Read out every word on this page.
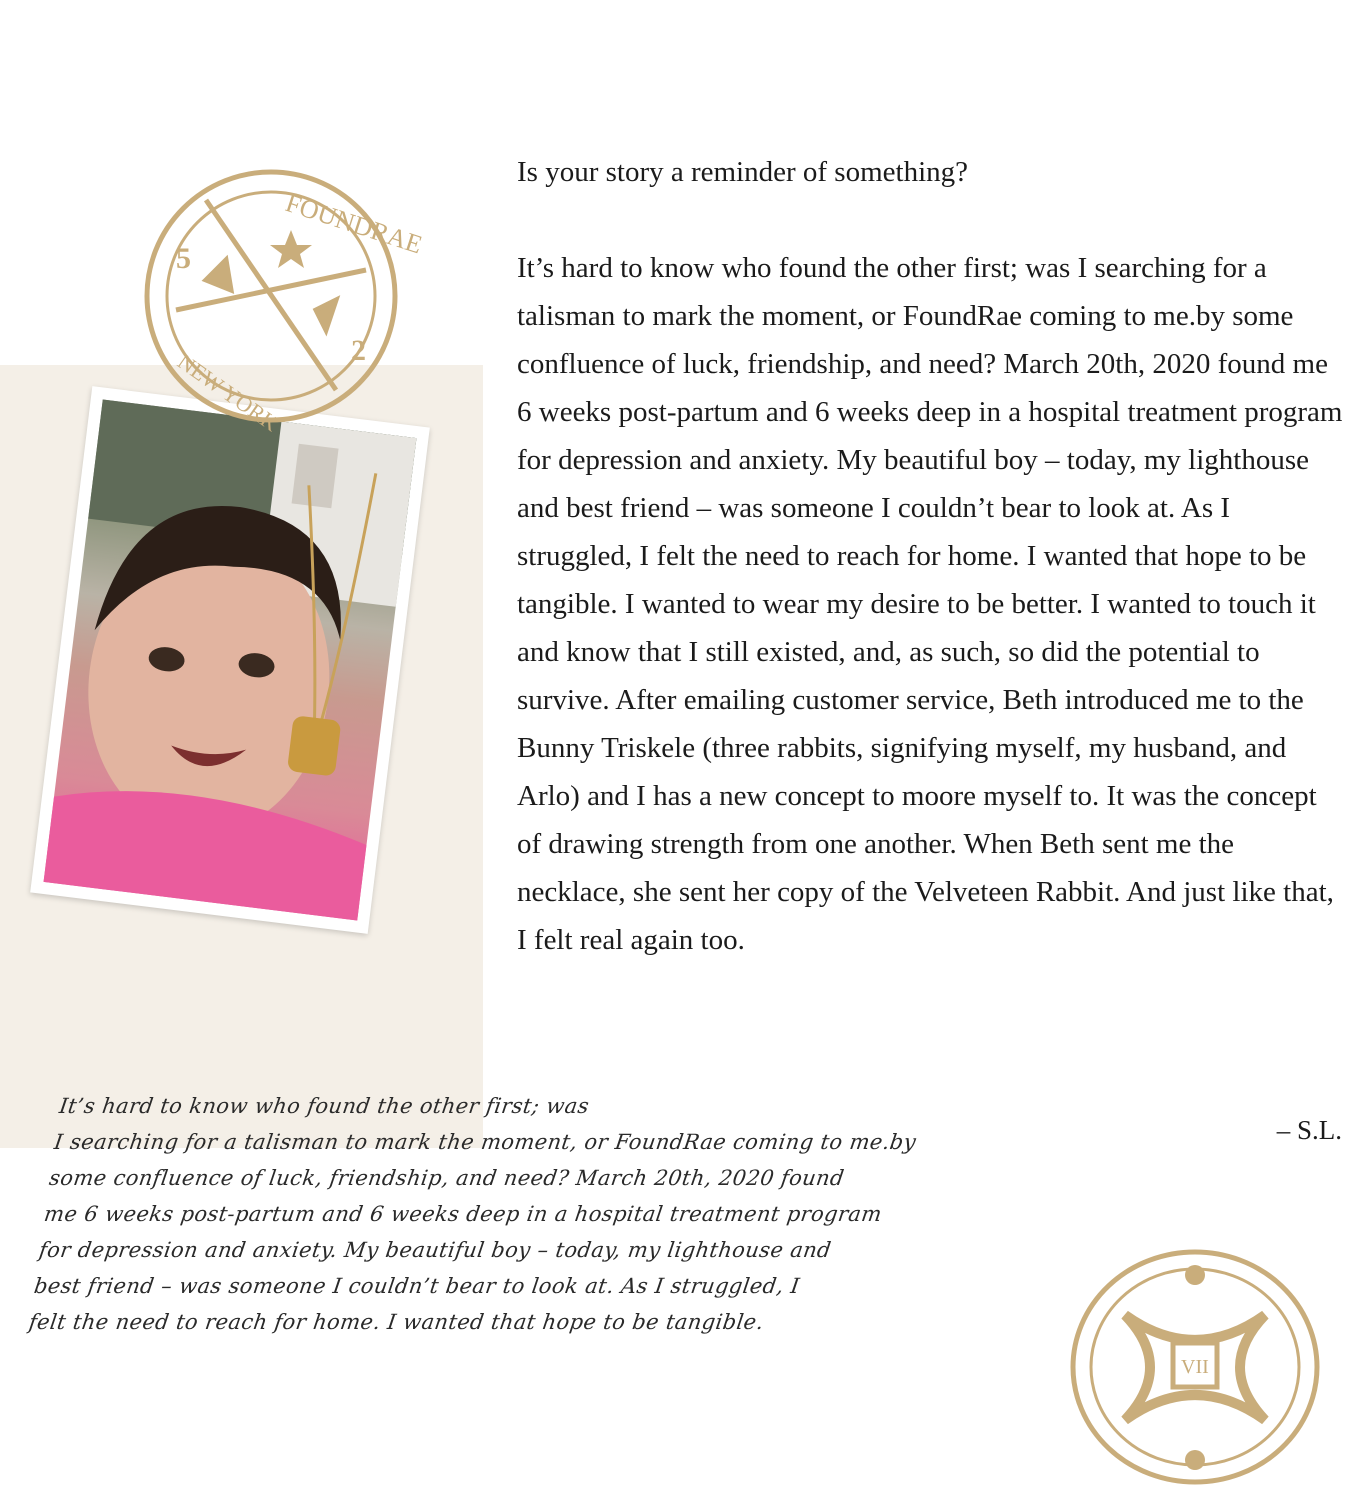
FOUNDRAE
5
2
NEW YORK
VII

Is your story a reminder of something?

It’s hard to know who found the other first; was I searching for a talisman to mark the moment, or FoundRae coming to me.by some confluence of luck, friendship, and need? March 20th, 2020 found me 6 weeks post-partum and 6 weeks deep in a hospital treatment program for depression and anxiety. My beautiful boy – today, my lighthouse and best friend – was someone I couldn’t bear to look at. As I struggled, I felt the need to reach for home. I wanted that hope to be tangible. I wanted to wear my desire to be better. I wanted to touch it and know that I still existed, and, as such, so did the potential to survive. After emailing customer service, Beth introduced me to the Bunny Triskele (three rabbits, signifying myself, my husband, and Arlo) and I has a new concept to moore myself to. It was the concept of drawing strength from one another. When Beth sent me the necklace, she sent her copy of the Velveteen Rabbit. And just like that, I felt real again too.

– S.L.
It’s hard to know who found the other first; was
I searching for a talisman to mark the moment, or FoundRae coming to me.by
some confluence of luck, friendship, and need? March 20th, 2020 found
me 6 weeks post-partum and 6 weeks deep in a hospital treatment program
for depression and anxiety. My beautiful boy – today, my lighthouse and
best friend – was someone I couldn’t bear to look at. As I struggled, I
felt the need to reach for home. I wanted that hope to be tangible.
